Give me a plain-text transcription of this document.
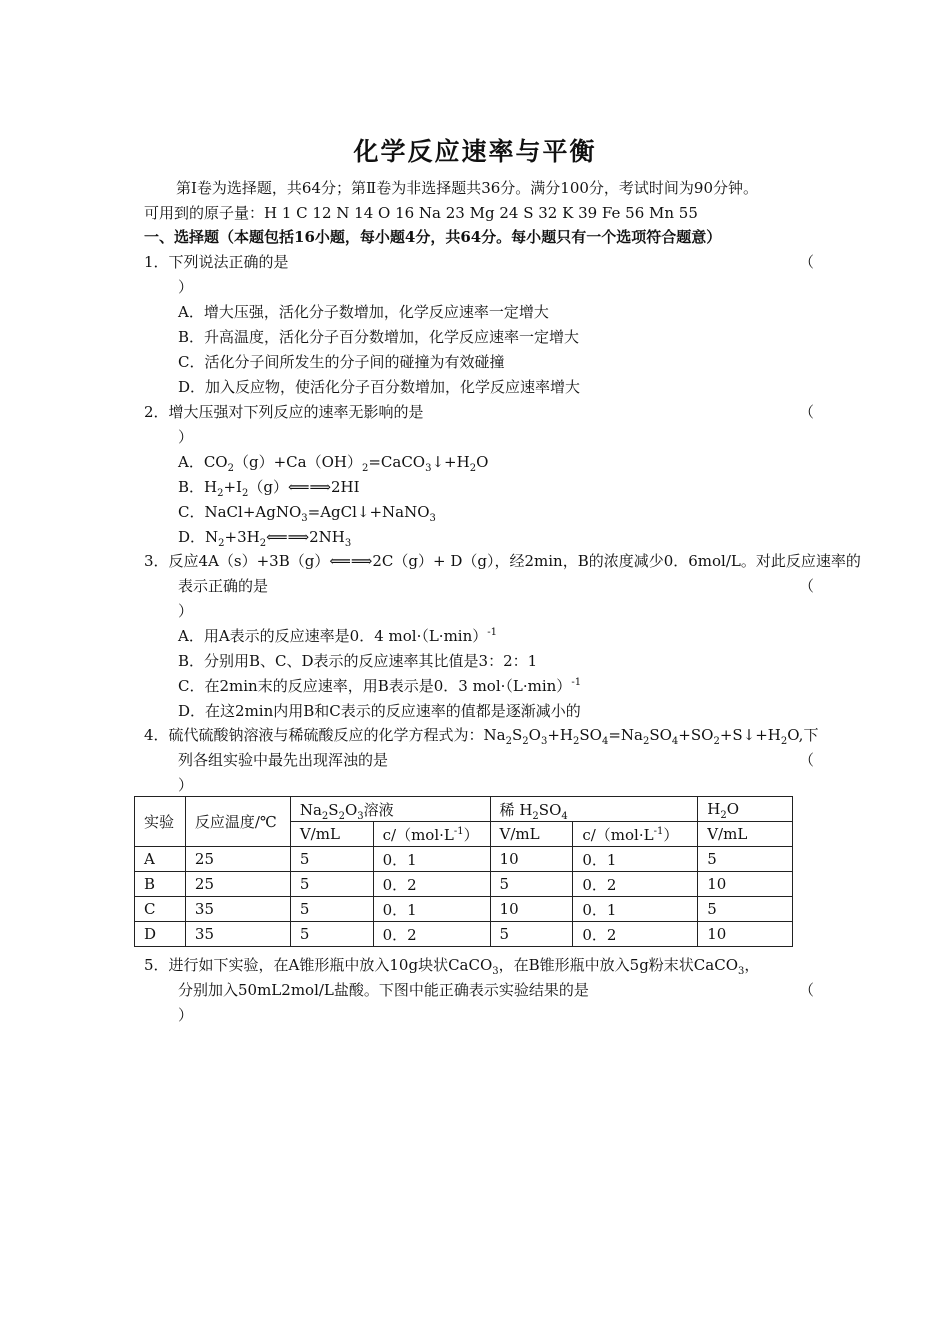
化学反应速率与平衡
第Ⅰ卷为选择题，共64分；第Ⅱ卷为非选择题共36分。满分100分，考试时间为90分钟。
可用到的原子量：H 1 C 12 N 14 O 16 Na 23 Mg 24 S 32 K 39 Fe 56 Mn 55
一、选择题（本题包括16小题，每小题4分，共64分。每小题只有一个选项符合题意）
1．下列说法正确的是	（
）
A．增大压强，活化分子数增加，化学反应速率一定增大
B．升高温度，活化分子百分数增加，化学反应速率一定增大
C．活化分子间所发生的分子间的碰撞为有效碰撞
D．加入反应物，使活化分子百分数增加，化学反应速率增大
2．增大压强对下列反应的速率无影响的是	（
）
A．$CO_2(g)+Ca(OH)_2=CaCO_3↓+H_2O$
B．$H_2+I_2(g)⟸⟹2HI$
C．NaCl+AgNO$_3$=AgCl↓+NaNO$_3$
D．$N_2+3H_2⟸⟹2NH_3$
3．反应4A（s）+3B（g）⟸⟹2C（g）+ D（g），经2min，B的浓度减少0．6mol/L。对此反应速率的
表示正确的是	（
）
A．用A表示的反应速率是0．4 $mol\cdot(L\cdot\min)^{-1}$
B．分别用B、C、D表示的反应速率其比值是3：2：1
C．在2min末的反应速率，用B表示是0．3 $mol\cdot(L\cdot\min)^{-1}$
D．在这2min内用B和C表示的反应速率的值都是逐渐减小的
4．硫代硫酸钠溶液与稀硫酸反应的化学方程式为：$Na_2S_2O_3+H_2SO_4=Na_2SO_4+SO_2+S↓+H_2O$,下
列各组实验中最先出现浑浊的是	（
）
实验	反应温度/℃	$Na_2S_2O_3$溶液		稀 $H_2SO_4$		$H_2O$
		V/mL	$c/(mol\cdot L^{-1})$	V/mL	$c/(mol\cdot L^{-1})$	V/mL
A	25	5	0．1	10	0．1	5
B	25	5	0．2	5	0．2	10
C	35	5	0．1	10	0．1	5
D	35	5	0．2	5	0．2	10
5．进行如下实验，在A锥形瓶中放入10g块状CaCO$_3$，在B锥形瓶中放入5g粉末状CaCO$_3$，
分别加入50mL2mol/L盐酸。下图中能正确表示实验结果的是	（
）
